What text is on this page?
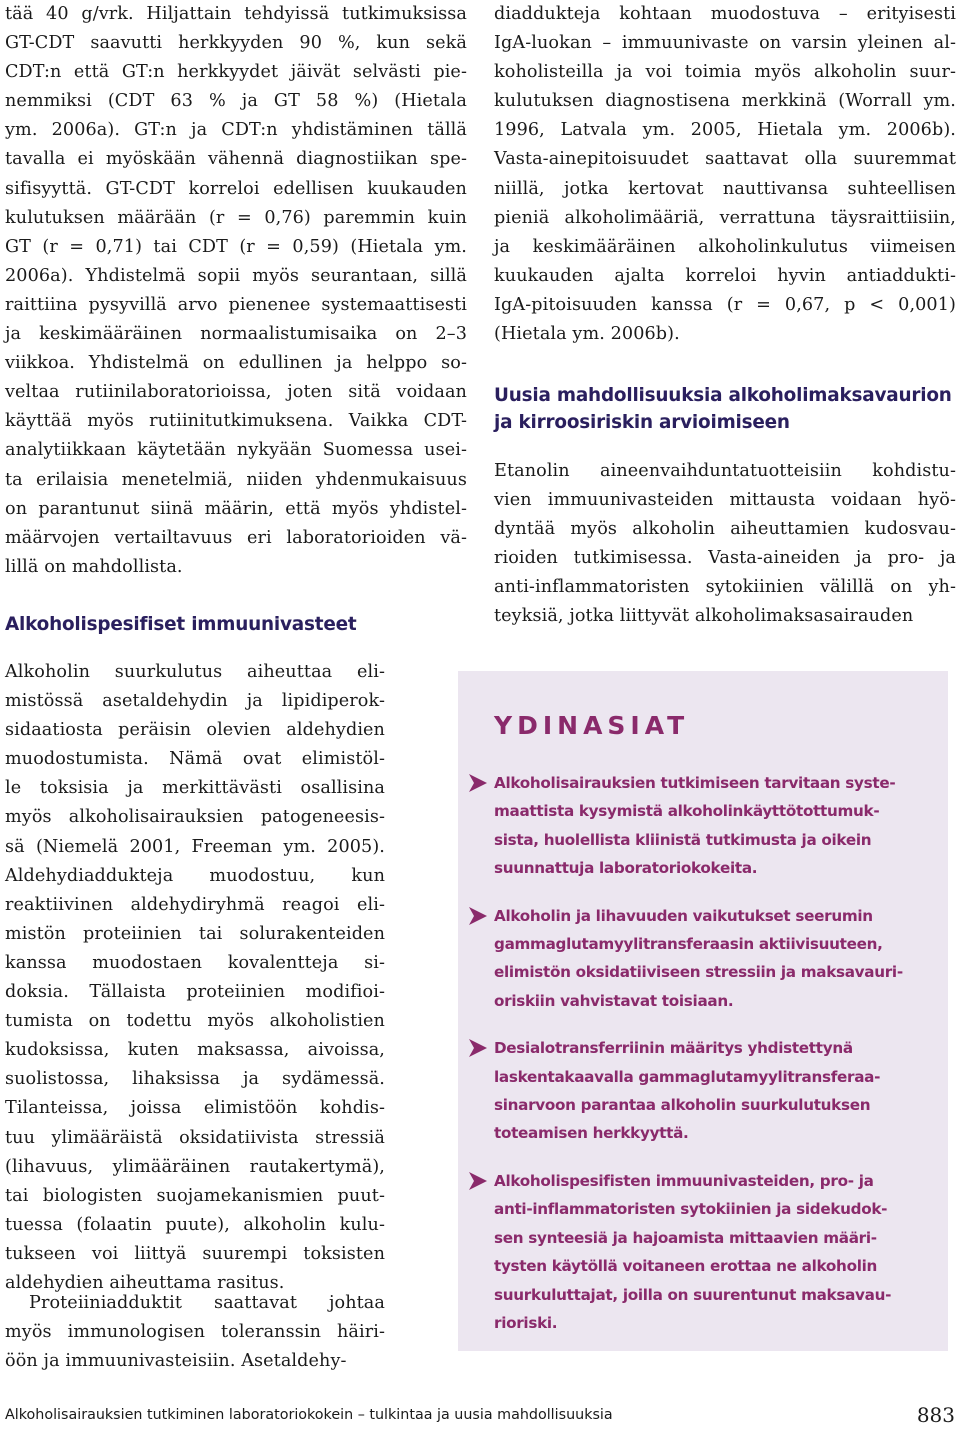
tää 40 g/vrk. Hiljattain tehdyissä tutkimuksissa
GT-CDT saavutti herkkyyden 90 %, kun sekä
CDT:n että GT:n herkkyydet jäivät selvästi pie-
nemmiksi (CDT 63 % ja GT 58 %) (Hietala
ym. 2006a). GT:n ja CDT:n yhdistäminen tällä
tavalla ei myöskään vähennä diagnostiikan spe-
sifisyyttä. GT-CDT korreloi edellisen kuukauden
kulutuksen määrään (r = 0,76) paremmin kuin
GT (r = 0,71) tai CDT (r = 0,59) (Hietala ym.
2006a). Yhdistelmä sopii myös seurantaan, sillä
raittiina pysyvillä arvo pienenee systemaattisesti
ja keskimääräinen normaalistumisaika on 2–3
viikkoa. Yhdistelmä on edullinen ja helppo so-
veltaa rutiinilaboratorioissa, joten sitä voidaan
käyttää myös rutiinitutkimuksena. Vaikka CDT-
analytiikkaan käytetään nykyään Suomessa usei-
ta erilaisia menetelmiä, niiden yhdenmukaisuus
on parantunut siinä määrin, että myös yhdistel-
määrvojen vertailtavuus eri laboratorioiden vä-
lillä on mahdollista.

Alkoholispesifiset immuunivasteet

Alkoholin suurkulutus aiheuttaa eli-
mistössä asetaldehydin ja lipidiperok-
sidaatiosta peräisin olevien aldehydien
muodostumista. Nämä ovat elimistöl-
le toksisia ja merkittävästi osallisina
myös alkoholisairauksien patogeneesis-
sä (Niemelä 2001, Freeman ym. 2005).
Aldehydiaddukteja muodostuu, kun
reaktiivinen aldehydiryhmä reagoi eli-
mistön proteiinien tai solurakenteiden
kanssa muodostaen kovalentteja si-
doksia. Tällaista proteiinien modifioi-
tumista on todettu myös alkoholistien
kudoksissa, kuten maksassa, aivoissa,
suolistossa, lihaksissa ja sydämessä.
Tilanteissa, joissa elimistöön kohdis-
tuu ylimääräistä oksidatiivista stressiä
(lihavuus, ylimääräinen rautakertymä),
tai biologisten suojamekanismien puut-
tuessa (folaatin puute), alkoholin kulu-
tukseen voi liittyä suurempi toksisten
aldehydien aiheuttama rasitus.

Proteiiniadduktit saattavat johtaa
myös immunologisen toleranssin häiri-
öön ja immuunivasteisiin. Asetaldehy-

diaddukteja kohtaan muodostuva – erityisesti
IgA-luokan – immuunivaste on varsin yleinen al-
koholisteilla ja voi toimia myös alkoholin suur-
kulutuksen diagnostisena merkkinä (Worrall ym.
1996, Latvala ym. 2005, Hietala ym. 2006b).
Vasta-ainepitoisuudet saattavat olla suuremmat
niillä, jotka kertovat nauttivansa suhteellisen
pieniä alkoholimääriä, verrattuna täysraittiisiin,
ja keskimääräinen alkoholinkulutus viimeisen
kuukauden ajalta korreloi hyvin antiaddukti-
IgA-pitoisuuden kanssa (r = 0,67, p < 0,001)
(Hietala ym. 2006b).

Uusia mahdollisuuksia alkoholimaksavaurion
ja kirroosiriskin arvioimiseen

Etanolin aineenvaihduntatuotteisiin kohdistu-
vien immuunivasteiden mittausta voidaan hyö-
dyntää myös alkoholin aiheuttamien kudosvau-
rioiden tutkimisessa. Vasta-aineiden ja pro- ja
anti-inflammatoristen sytokiinien välillä on yh-
teyksiä, jotka liittyvät alkoholimaksasairauden

YDINASIAT
Alkoholisairauksien tutkimiseen tarvitaan syste-
maattista kysymistä alkoholinkäyttötottumuk-
sista, huolellista kliinistä tutkimusta ja oikein
suunnattuja laboratoriokokeita.
Alkoholin ja lihavuuden vaikutukset seerumin
gammaglutamyylitransferaasin aktiivisuuteen,
elimistön oksidatiiviseen stressiin ja maksavauri-
oriskiin vahvistavat toisiaan.
Desialotransferriinin määritys yhdistettynä
laskentakaavalla gammaglutamyylitransferaa-
sinarvoon parantaa alkoholin suurkulutuksen
toteamisen herkkyyttä.
Alkoholispesifisten immuunivasteiden, pro- ja
anti-inflammatoristen sytokiinien ja sidekudok-
sen synteesiä ja hajoamista mittaavien määri-
tysten käytöllä voitaneen erottaa ne alkoholin
suurkuluttajat, joilla on suurentunut maksavau-
rioriski.
Alkoholisairauksien tutkiminen laboratoriokokein – tulkintaa ja uusia mahdollisuuksia	883
